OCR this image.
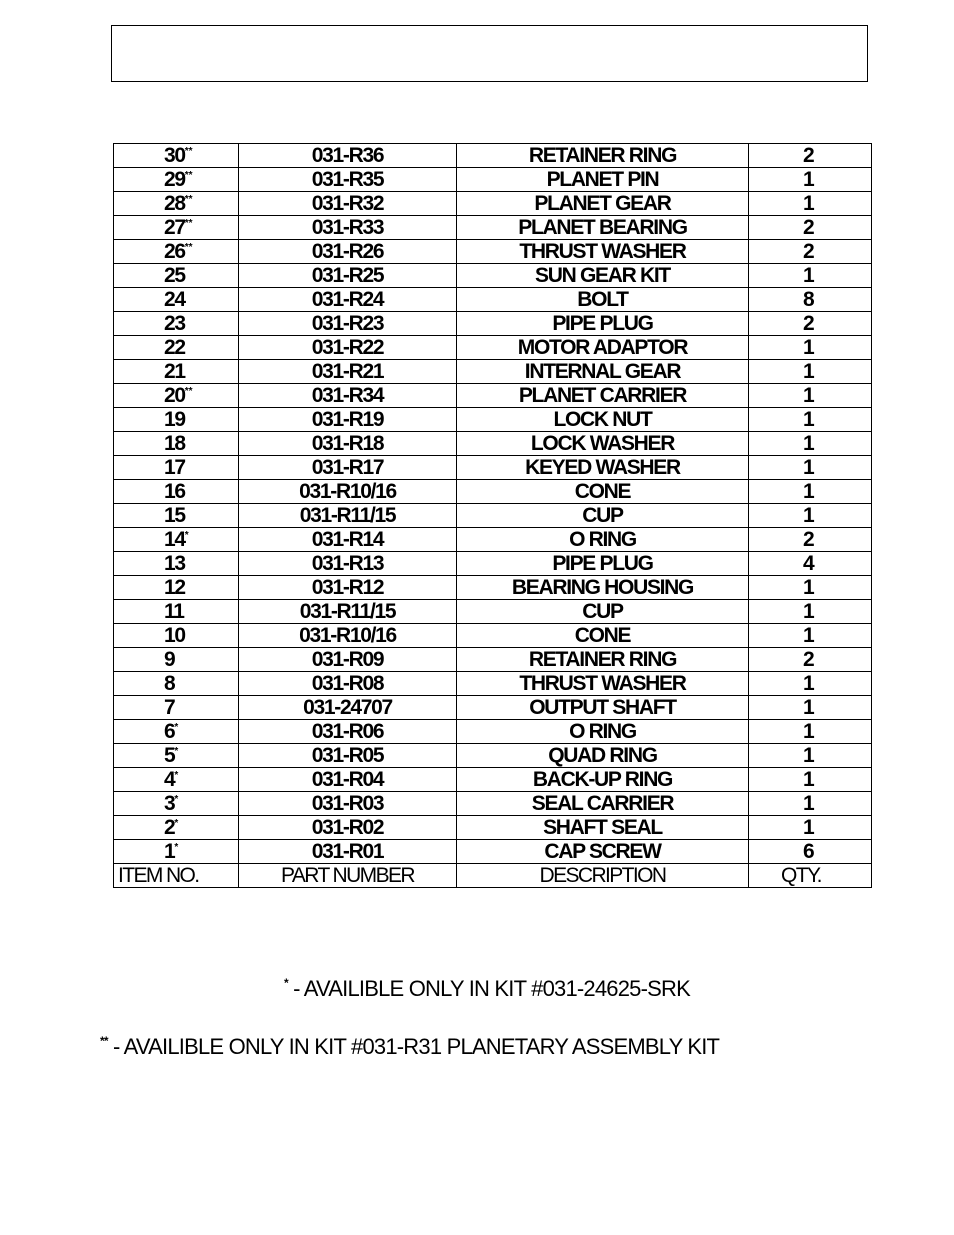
30**	031-R36	RETAINER RING	2
29**	031-R35	PLANET PIN	1
28**	031-R32	PLANET GEAR	1
27**	031-R33	PLANET BEARING	2
26**	031-R26	THRUST WASHER	2
25	031-R25	SUN GEAR KIT	1
24	031-R24	BOLT	8
23	031-R23	PIPE PLUG	2
22	031-R22	MOTOR ADAPTOR	1
21	031-R21	INTERNAL GEAR	1
20**	031-R34	PLANET CARRIER	1
19	031-R19	LOCK NUT	1
18	031-R18	LOCK WASHER	1
17	031-R17	KEYED WASHER	1
16	031-R10/16	CONE	1
15	031-R11/15	CUP	1
14*	031-R14	O RING	2
13	031-R13	PIPE PLUG	4
12	031-R12	BEARING HOUSING	1
11	031-R11/15	CUP	1
10	031-R10/16	CONE	1
9	031-R09	RETAINER RING	2
8	031-R08	THRUST WASHER	1
7	031-24707	OUTPUT SHAFT	1
6*	031-R06	O RING	1
5*	031-R05	QUAD RING	1
4*	031-R04	BACK-UP RING	1
3*	031-R03	SEAL CARRIER	1
2*	031-R02	SHAFT SEAL	1
1*	031-R01	CAP SCREW	6
ITEM NO.	PART NUMBER	DESCRIPTION	QTY.
* - AVAILIBLE ONLY IN KIT #031-24625-SRK
** - AVAILIBLE ONLY IN KIT #031-R31 PLANETARY ASSEMBLY KIT
